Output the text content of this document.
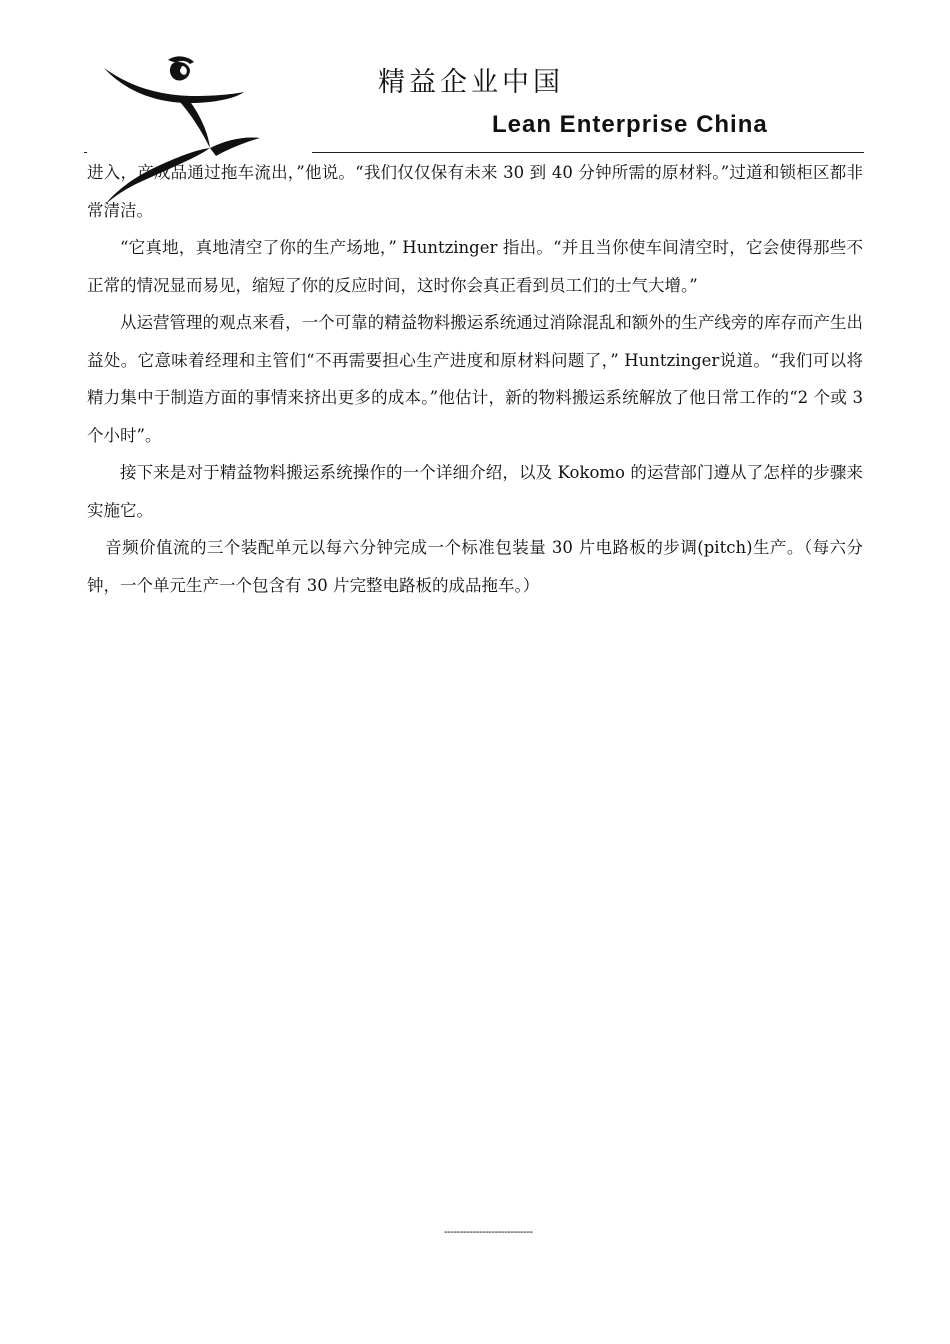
精益企业中国
Lean Enterprise China

进入，产成品通过拖车流出，”他说。“我们仅仅保有未来 30 到 40 分钟所需的原材料。”过道和锁柜区都非常清洁。

“它真地，真地清空了你的生产场地，” Huntzinger 指出。“并且当你使车间清空时，它会使得那些不正常的情况显而易见，缩短了你的反应时间，这时你会真正看到员工们的士气大增。”

从运营管理的观点来看，一个可靠的精益物料搬运系统通过消除混乱和额外的生产线旁的库存而产生出益处。它意味着经理和主管们“不再需要担心生产进度和原材料问题了，” Huntzinger说道。“我们可以将精力集中于制造方面的事情来挤出更多的成本。”他估计，新的物料搬运系统解放了他日常工作的“2 个或 3 个小时”。

接下来是对于精益物料搬运系统操作的一个详细介绍，以及 Kokomo 的运营部门遵从了怎样的步骤来实施它。

音频价值流的三个装配单元以每六分钟完成一个标准包装量 30 片电路板的步调(pitch)生产。（每六分钟，一个单元生产一个包含有 30 片完整电路板的成品拖车。）

----------------------------
